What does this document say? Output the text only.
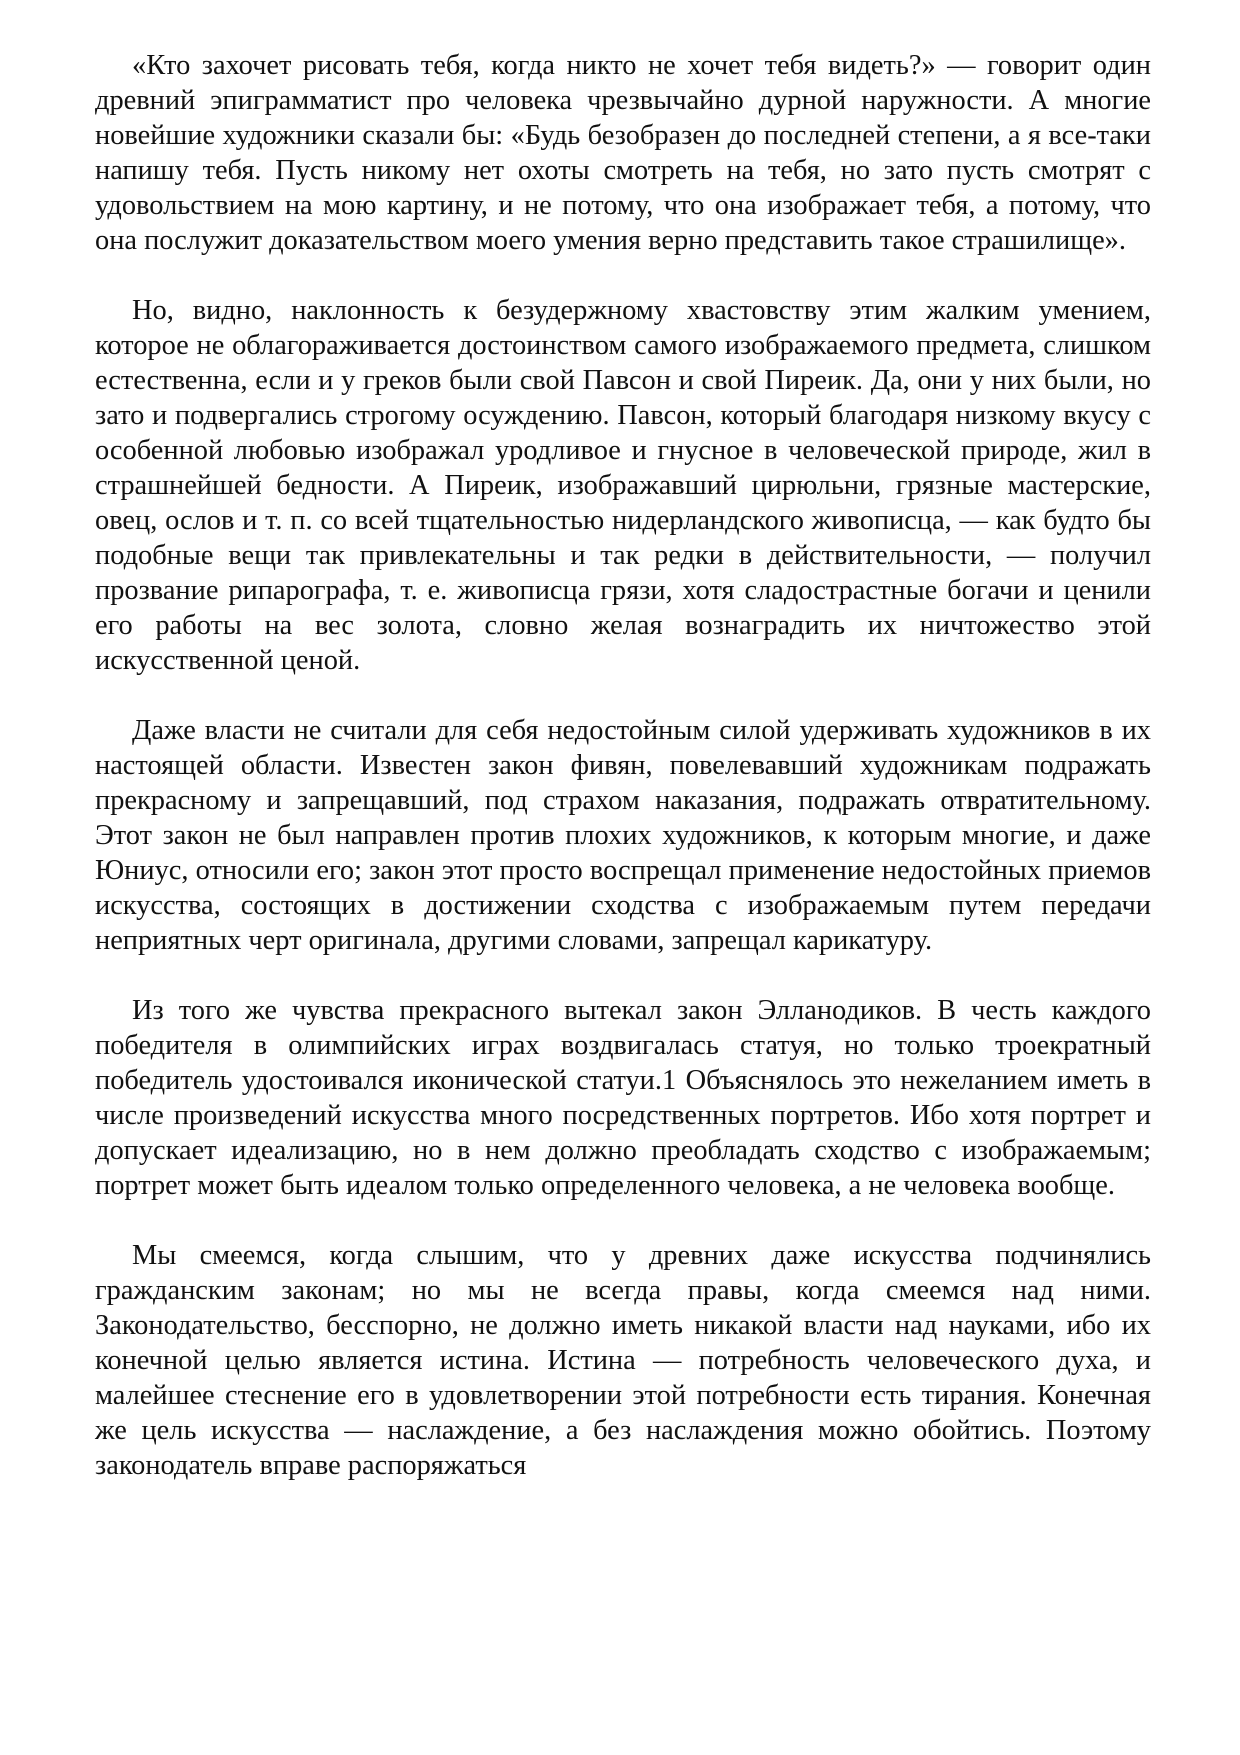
«Кто захочет рисовать тебя, когда никто не хочет тебя видеть?» — говорит один древний эпиграмматист про человека чрезвычайно дурной наружности. А многие новейшие художники сказали бы: «Будь безобразен до последней степени, а я все-таки напишу тебя. Пусть никому нет охоты смотреть на тебя, но зато пусть смотрят с удовольствием на мою картину, и не потому, что она изображает тебя, а потому, что она послужит доказательством моего умения верно представить такое страшилище».

Но, видно, наклонность к безудержному хвастовству этим жалким умением, которое не облагораживается достоинством самого изображаемого предмета, слишком естественна, если и у греков были свой Павсон и свой Пиреик. Да, они у них были, но зато и подвергались строгому осуждению. Павсон, который благодаря низкому вкусу с особенной любовью изображал уродливое и гнусное в человеческой природе, жил в страшнейшей бедности. А Пиреик, изображавший цирюльни, грязные мастерские, овец, ослов и т. п. со всей тщательностью нидерландского живописца, — как будто бы подобные вещи так привлекательны и так редки в действительности, — получил прозвание рипарографа, т. е. живописца грязи, хотя сладострастные богачи и ценили его работы на вес золота, словно желая вознаградить их ничтожество этой искусственной ценой.

Даже власти не считали для себя недостойным силой удерживать художников в их настоящей области. Известен закон фивян, повелевавший художникам подражать прекрасному и запрещавший, под страхом наказания, подражать отвратительному. Этот закон не был направлен против плохих художников, к которым многие, и даже Юниус, относили его; закон этот просто воспрещал применение недостойных приемов искусства, состоящих в достижении сходства с изображаемым путем передачи неприятных черт оригинала, другими словами, запрещал карикатуру.

Из того же чувства прекрасного вытекал закон Элланодиков. В честь каждого победителя в олимпийских играх воздвигалась статуя, но только троекратный победитель удостоивался иконической статуи.1 Объяснялось это нежеланием иметь в числе произведений искусства много посредственных портретов. Ибо хотя портрет и допускает идеализацию, но в нем должно преобладать сходство с изображаемым; портрет может быть идеалом только определенного человека, а не человека вообще.

Мы смеемся, когда слышим, что у древних даже искусства подчинялись гражданским законам; но мы не всегда правы, когда смеемся над ними. Законодательство, бесспорно, не должно иметь никакой власти над науками, ибо их конечной целью является истина. Истина — потребность человеческого духа, и малейшее стеснение его в удовлетворении этой потребности есть тирания. Конечная же цель искусства — наслаждение, а без наслаждения можно обойтись. Поэтому законодатель вправе распоряжаться
